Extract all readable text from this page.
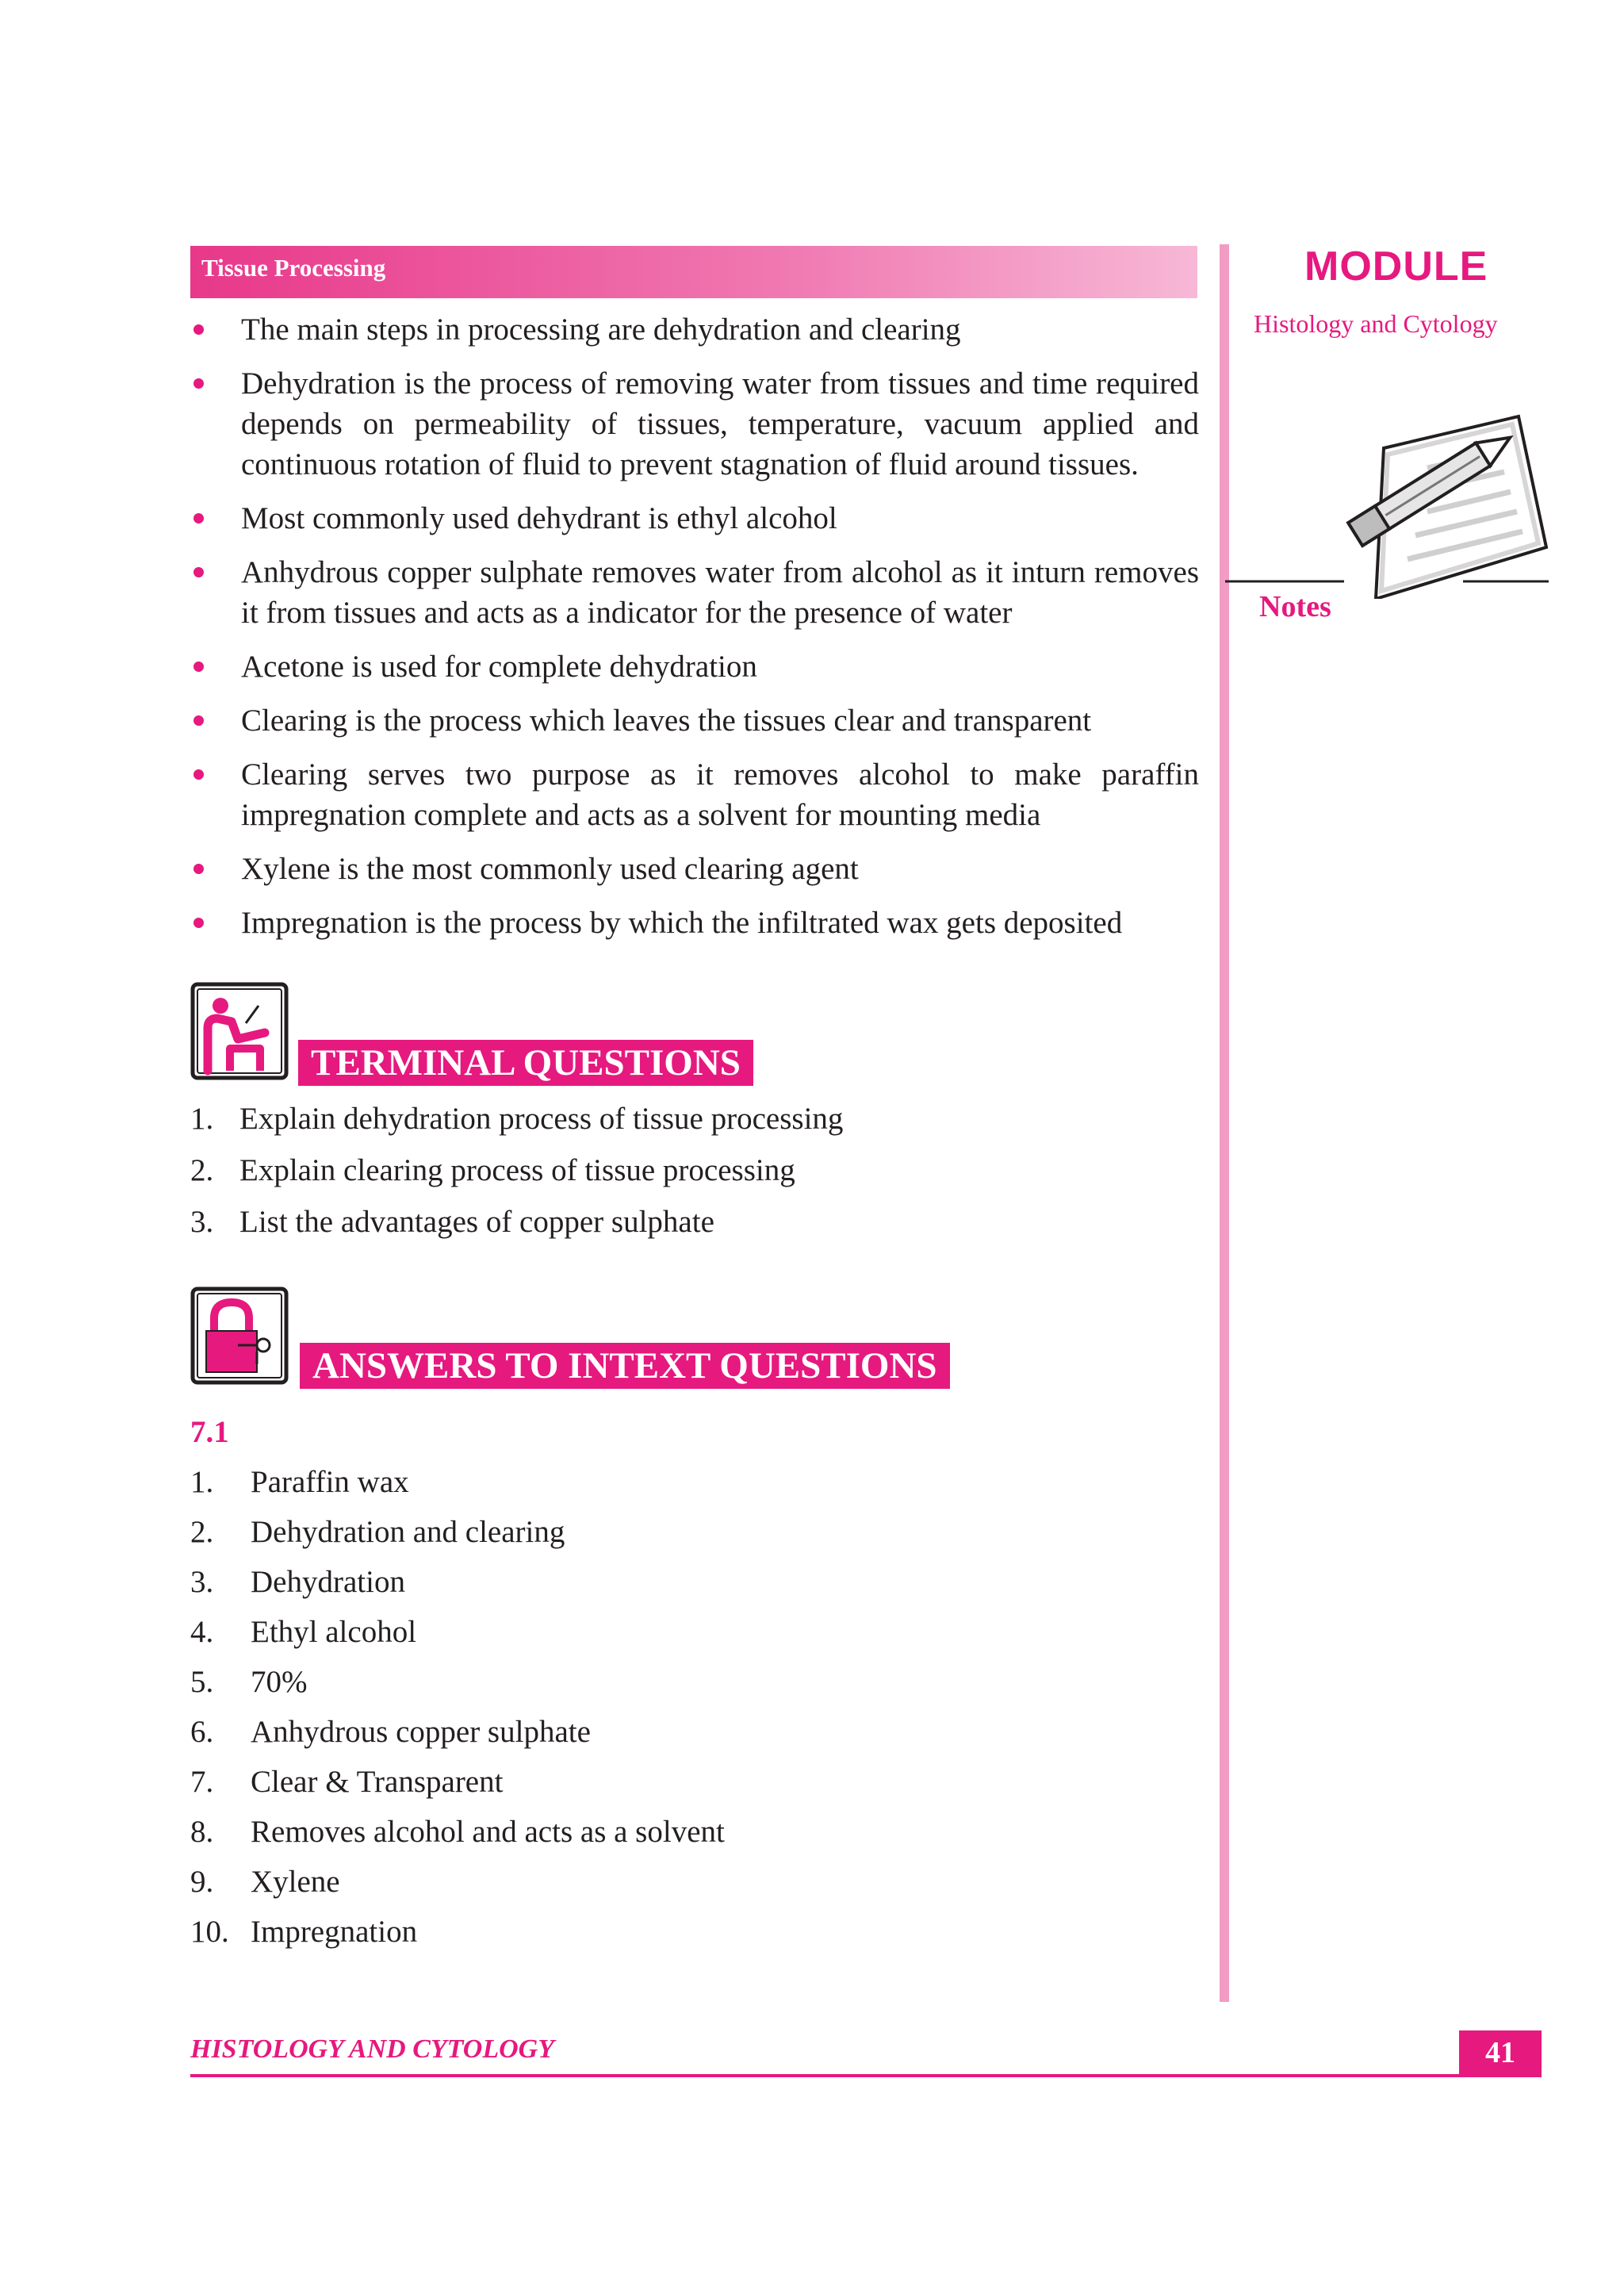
Tissue Processing	MODULE
Histology and Cytology
Notes
The main steps in processing are dehydration and clearing
Dehydration is the process of removing water from tissues and time required depends on permeability of tissues, temperature, vacuum applied and continuous rotation of fluid to prevent stagnation of fluid around tissues.
Most commonly used dehydrant is ethyl alcohol
Anhydrous copper sulphate removes water from alcohol as it inturn removes it from tissues and acts as a indicator for the presence of water
Acetone is used for complete dehydration
Clearing is the process which leaves the tissues clear and transparent
Clearing serves two purpose as it removes alcohol to make paraffin impregnation complete and acts as a solvent for mounting media
Xylene is the most commonly used clearing agent
Impregnation is the process by which the infiltrated wax gets deposited
TERMINAL QUESTIONS
1. Explain dehydration process of tissue processing
2. Explain clearing process of tissue processing
3. List the advantages of copper sulphate
ANSWERS TO INTEXT QUESTIONS
7.1
1.	Paraffin wax
2.	Dehydration and clearing
3.	Dehydration
4.	Ethyl alcohol
5.	70%
6.	Anhydrous copper sulphate
7.	Clear & Transparent
8.	Removes alcohol and acts as a solvent
9.	Xylene
10. Impregnation
HISTOLOGY AND CYTOLOGY	41
